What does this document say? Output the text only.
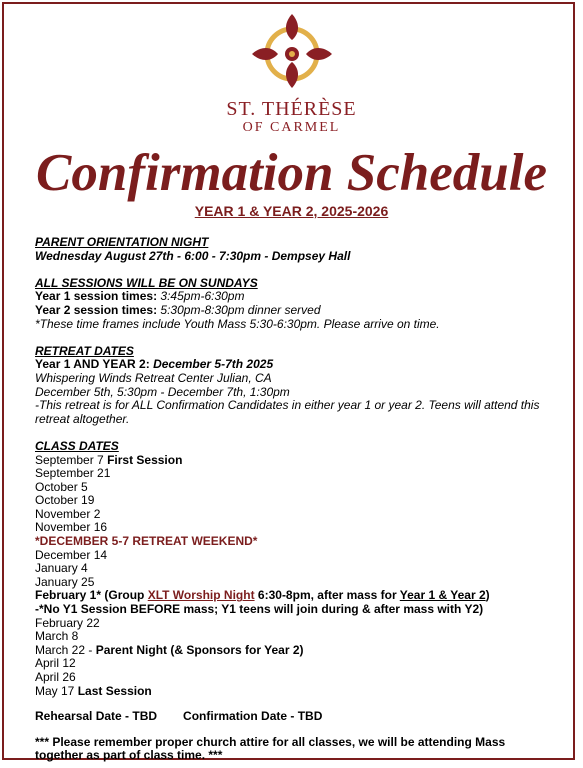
ST. THÉRÈSE
OF CARMEL
Confirmation Schedule
YEAR 1 & YEAR 2, 2025-2026
PARENT ORIENTATION NIGHT
Wednesday August 27th - 6:00 - 7:30pm - Dempsey Hall
ALL SESSIONS WILL BE ON SUNDAYS
Year 1 session times: 3:45pm-6:30pm
Year 2 session times: 5:30pm-8:30pm dinner served
*These time frames include Youth Mass 5:30-6:30pm. Please arrive on time.
RETREAT DATES
Year 1 AND YEAR 2: December 5-7th 2025
Whispering Winds Retreat Center Julian, CA
December 5th, 5:30pm - December 7th, 1:30pm
-This retreat is for ALL Confirmation Candidates in either year 1 or year 2. Teens will attend this retreat altogether.
CLASS DATES
September 7 First Session
September 21
October 5
October 19
November 2
November 16
*DECEMBER 5-7 RETREAT WEEKEND*
December 14
January 4
January 25
February 1* (Group XLT Worship Night 6:30-8pm, after mass for Year 1 & Year 2)
-*No Y1 Session BEFORE mass; Y1 teens will join during & after mass with Y2)
February 22
March 8
March 22 - Parent Night (& Sponsors for Year 2)
April 12
April 26
May 17 Last Session
Rehearsal Date - TBD Confirmation Date - TBD
*** Please remember proper church attire for all classes, we will be attending Mass together as part of class time. ***
